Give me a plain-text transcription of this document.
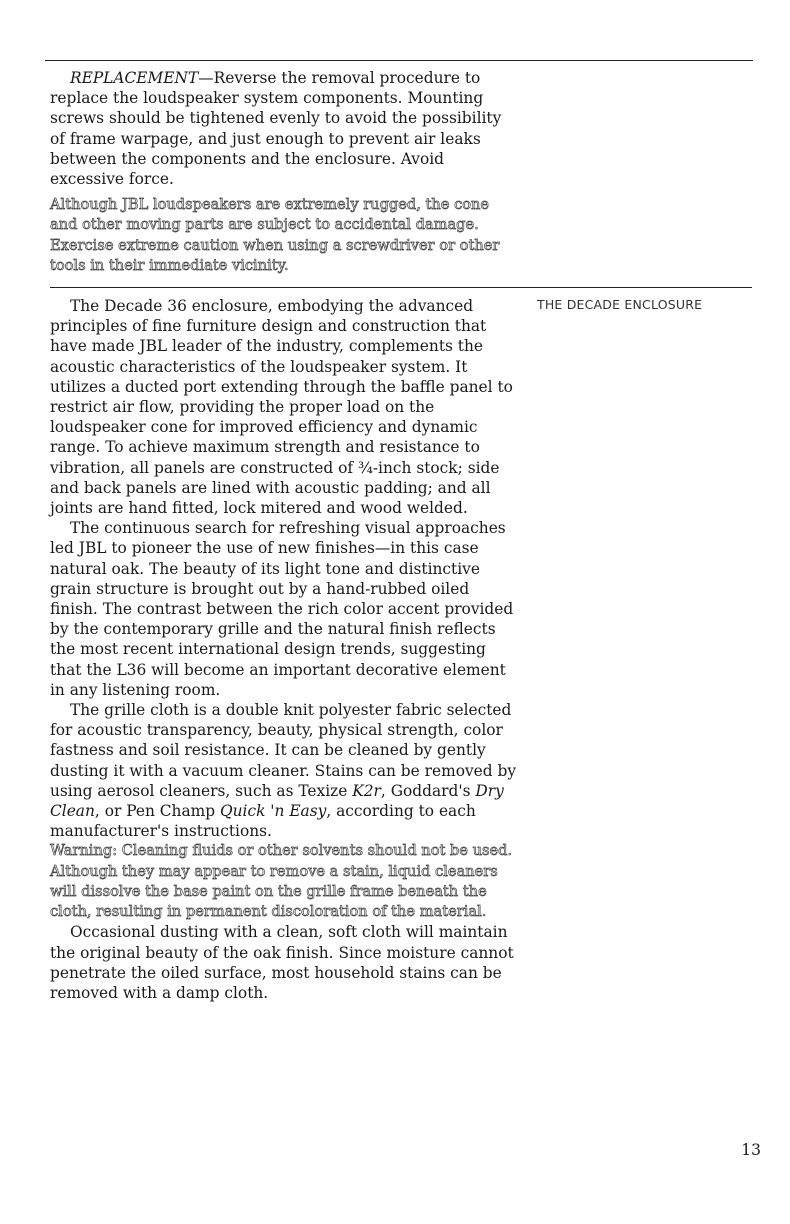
REPLACEMENT—Reverse the removal procedure to replace the loudspeaker system components. Mounting screws should be tightened evenly to avoid the possibility of frame warpage, and just enough to prevent air leaks between the components and the enclosure. Avoid excessive force.

Although JBL loudspeakers are extremely rugged, the cone and other moving parts are subject to accidental damage. Exercise extreme caution when using a screwdriver or other tools in their immediate vicinity.

THE DECADE ENCLOSURE

The Decade 36 enclosure, embodying the advanced principles of fine furniture design and construction that have made JBL leader of the industry, complements the acoustic characteristics of the loudspeaker system. It utilizes a ducted port extending through the baffle panel to restrict air flow, providing the proper load on the loudspeaker cone for improved efficiency and dynamic range. To achieve maximum strength and resistance to vibration, all panels are constructed of ¾-inch stock; side and back panels are lined with acoustic padding; and all joints are hand fitted, lock mitered and wood welded.

The continuous search for refreshing visual approaches led JBL to pioneer the use of new finishes—in this case natural oak. The beauty of its light tone and distinctive grain structure is brought out by a hand-rubbed oiled finish. The contrast between the rich color accent provided by the contemporary grille and the natural finish reflects the most recent international design trends, suggesting that the L36 will become an important decorative element in any listening room.

The grille cloth is a double knit polyester fabric selected for acoustic transparency, beauty, physical strength, color fastness and soil resistance. It can be cleaned by gently dusting it with a vacuum cleaner. Stains can be removed by using aerosol cleaners, such as Texize K2r, Goddard's Dry Clean, or Pen Champ Quick 'n Easy, according to each manufacturer's instructions.

Warning: Cleaning fluids or other solvents should not be used. Although they may appear to remove a stain, liquid cleaners will dissolve the base paint on the grille frame beneath the cloth, resulting in permanent discoloration of the material.

Occasional dusting with a clean, soft cloth will maintain the original beauty of the oak finish. Since moisture cannot penetrate the oiled surface, most household stains can be removed with a damp cloth.

13
